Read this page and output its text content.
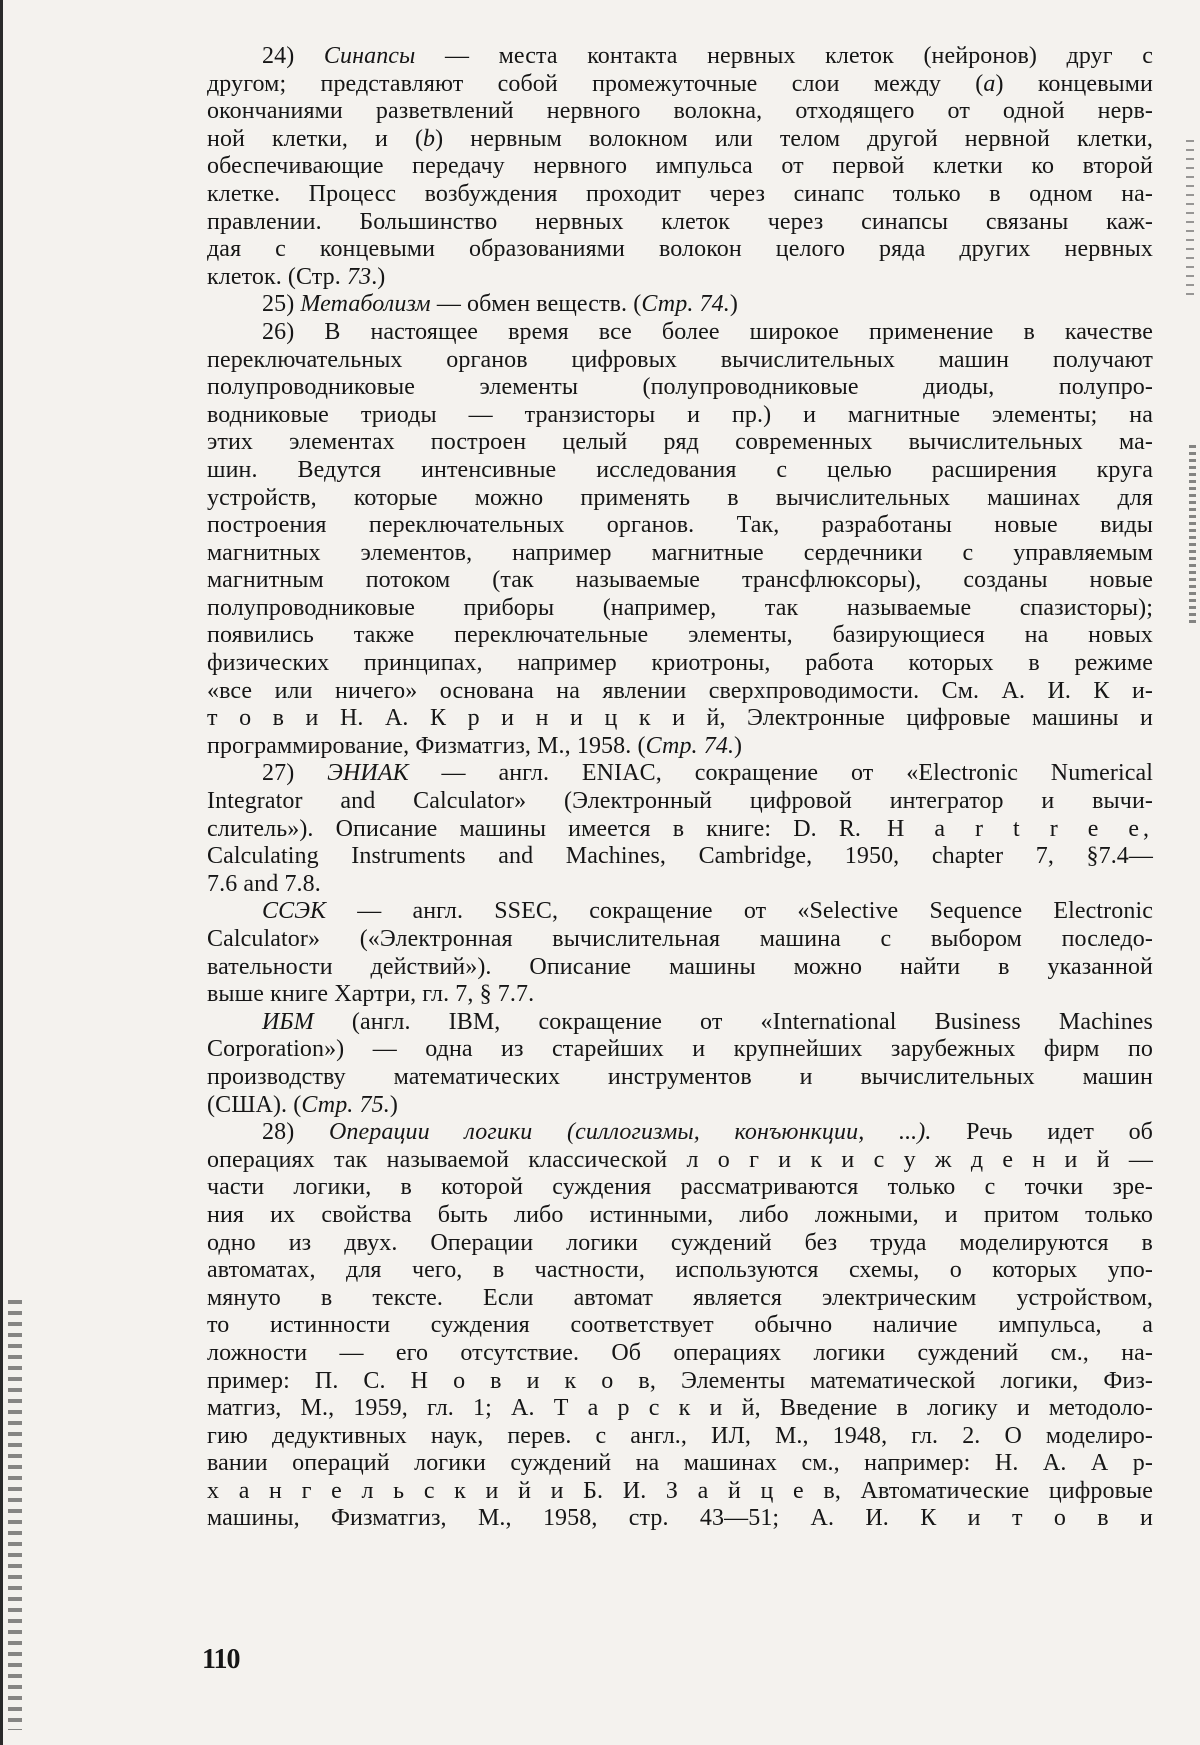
24) Синапсы — места контакта нервных клеток (нейронов) друг с
другом; представляют собой промежуточные слои между (а) концевыми
окончаниями разветвлений нервного волокна, отходящего от одной нерв-
ной клетки, и (b) нервным волокном или телом другой нервной клетки,
обеспечивающие передачу нервного импульса от первой клетки ко второй
клетке. Процесс возбуждения проходит через синапс только в одном на-
правлении. Большинство нервных клеток через синапсы связаны каж-
дая с концевыми образованиями волокон целого ряда других нервных
клеток. (Стр. 73.)

25) Метаболизм — обмен веществ. (Стр. 74.)

26) В настоящее время все более широкое применение в качестве
переключательных органов цифровых вычислительных машин получают
полупроводниковые элементы (полупроводниковые диоды, полупро-
водниковые триоды — транзисторы и пр.) и магнитные элементы; на
этих элементах построен целый ряд современных вычислительных ма-
шин. Ведутся интенсивные исследования с целью расширения круга
устройств, которые можно применять в вычислительных машинах для
построения переключательных органов. Так, разработаны новые виды
магнитных элементов, например магнитные сердечники с управляемым
магнитным потоком (так называемые трансфлюксоры), созданы новые
полупроводниковые приборы (например, так называемые спазисторы);
появились также переключательные элементы, базирующиеся на новых
физических принципах, например криотроны, работа которых в режиме
«все или ничего» основана на явлении сверхпроводимости. См. А. И. К и-
т о в и Н. А. К р и н и ц к и й, Электронные цифровые машины и
программирование, Физматгиз, М., 1958. (Стр. 74.)

27) ЭНИАК — англ. ENIAC, сокращение от «Electronic Numerical
Integrator and Calculator» (Электронный цифровой интегратор и вычи-
слитель»). Описание машины имеется в книге: D. R. H a r t r e e,
Calculating Instruments and Machines, Cambridge, 1950, chapter 7, §7.4—
7.6 and 7.8.

ССЭК — англ. SSEC, сокращение от «Selective Sequence Electronic
Calculator» («Электронная вычислительная машина с выбором последо-
вательности действий»). Описание машины можно найти в указанной
выше книге Хартри, гл. 7, § 7.7.

ИБМ (англ. IBM, сокращение от «International Business Machines
Corporation») — одна из старейших и крупнейших зарубежных фирм по
производству математических инструментов и вычислительных машин
(США). (Стр. 75.)

28) Операции логики (силлогизмы, конъюнкции, ...). Речь идет об
операциях так называемой классической л о г и к и с у ж д е н и й —
части логики, в которой суждения рассматриваются только с точки зре-
ния их свойства быть либо истинными, либо ложными, и притом только
одно из двух. Операции логики суждений без труда моделируются в
автоматах, для чего, в частности, используются схемы, о которых упо-
мянуто в тексте. Если автомат является электрическим устройством,
то истинности суждения соответствует обычно наличие импульса, а
ложности — его отсутствие. Об операциях логики суждений см., на-
пример: П. С. Н о в и к о в, Элементы математической логики, Физ-
матгиз, М., 1959, гл. 1; А. Т а р с к и й, Введение в логику и методоло-
гию дедуктивных наук, перев. с англ., ИЛ, М., 1948, гл. 2. О моделиро-
вании операций логики суждений на машинах см., например: Н. А. А р-
х а н г е л ь с к и й и Б. И. З а й ц е в, Автоматические цифровые
машины, Физматгиз, М., 1958, стр. 43—51; А. И. К и т о в и

110
